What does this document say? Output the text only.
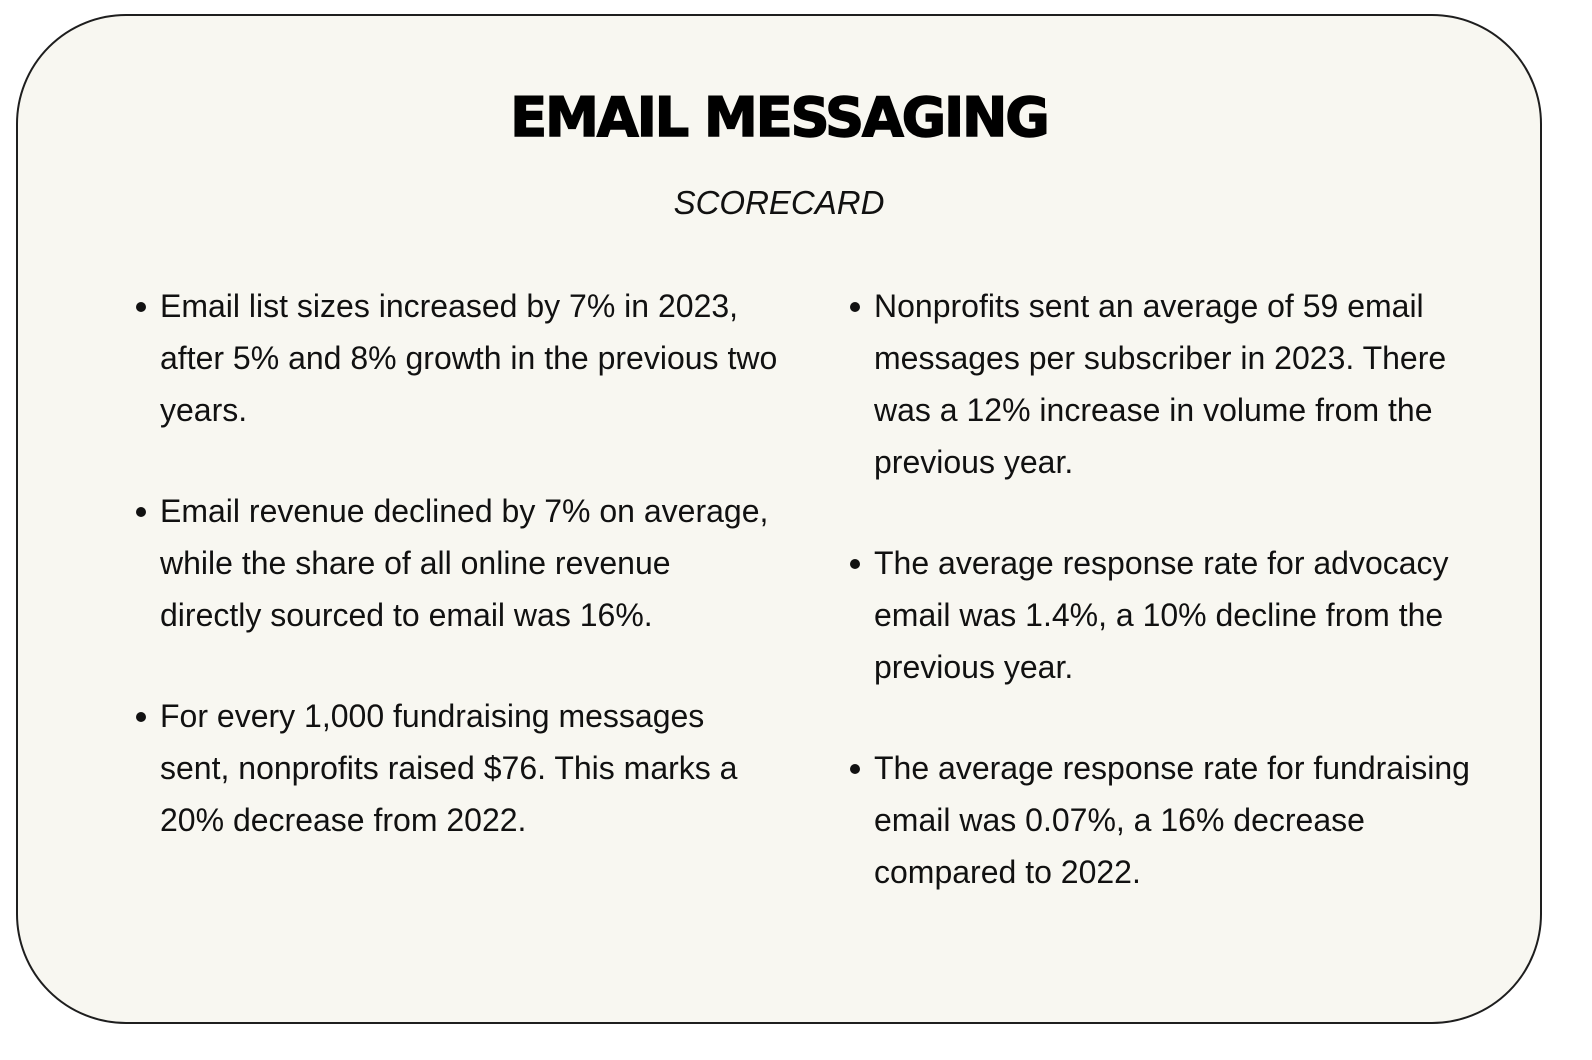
EMAIL MESSAGING
SCORECARD
Email list sizes increased by 7% in 2023, after 5% and 8% growth in the previous two years.
Email revenue declined by 7% on average, while the share of all online revenue directly sourced to email was 16%.
For every 1,000 fundraising messages sent, nonprofits raised $76. This marks a 20% decrease from 2022.
Nonprofits sent an average of 59 email messages per subscriber in 2023. There was a 12% increase in volume from the previous year.
The average response rate for advocacy email was 1.4%, a 10% decline from the previous year.
The average response rate for fundraising email was 0.07%, a 16% decrease compared to 2022.
